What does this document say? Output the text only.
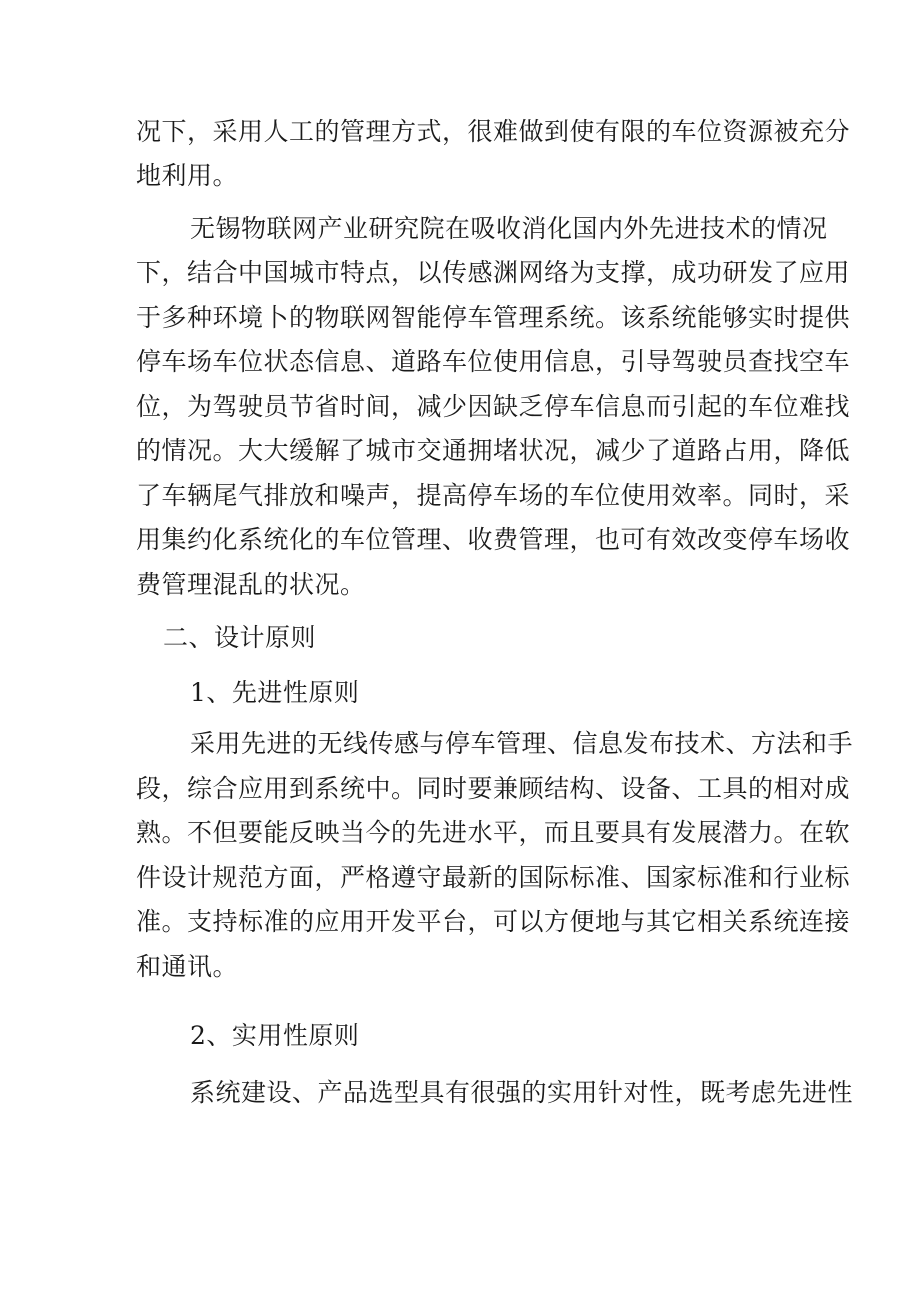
况下，采用人工的管理方式，很难做到使有限的车位资源被充分
地利用。
无锡物联网产业研究院在吸收消化国内外先进技术的情况
下，结合中国城市特点，以传感渊网络为支撑，成功研发了应用
于多种环境卜的物联网智能停车管理系统。该系统能够实时提供
停车场车位状态信息、道路车位使用信息，引导驾驶员查找空车
位，为驾驶员节省时间，减少因缺乏停车信息而引起的车位难找
的情况。大大缓解了城市交通拥堵状况，减少了道路占用，降低
了车辆尾气排放和噪声，提高停车场的车位使用效率。同时，采
用集约化系统化的车位管理、收费管理，也可有效改变停车场收
费管理混乱的状况。
二、设计原则
1、先进性原则
采用先进的无线传感与停车管理、信息发布技术、方法和手
段，综合应用到系统中。同时要兼顾结构、设备、工具的相对成
熟。不但要能反映当今的先进水平，而且要具有发展潜力。在软
件设计规范方面，严格遵守最新的国际标准、国家标准和行业标
准。支持标准的应用开发平台，可以方便地与其它相关系统连接
和通讯。
2、实用性原则
系统建设、产品选型具有很强的实用针对性，既考虑先进性
